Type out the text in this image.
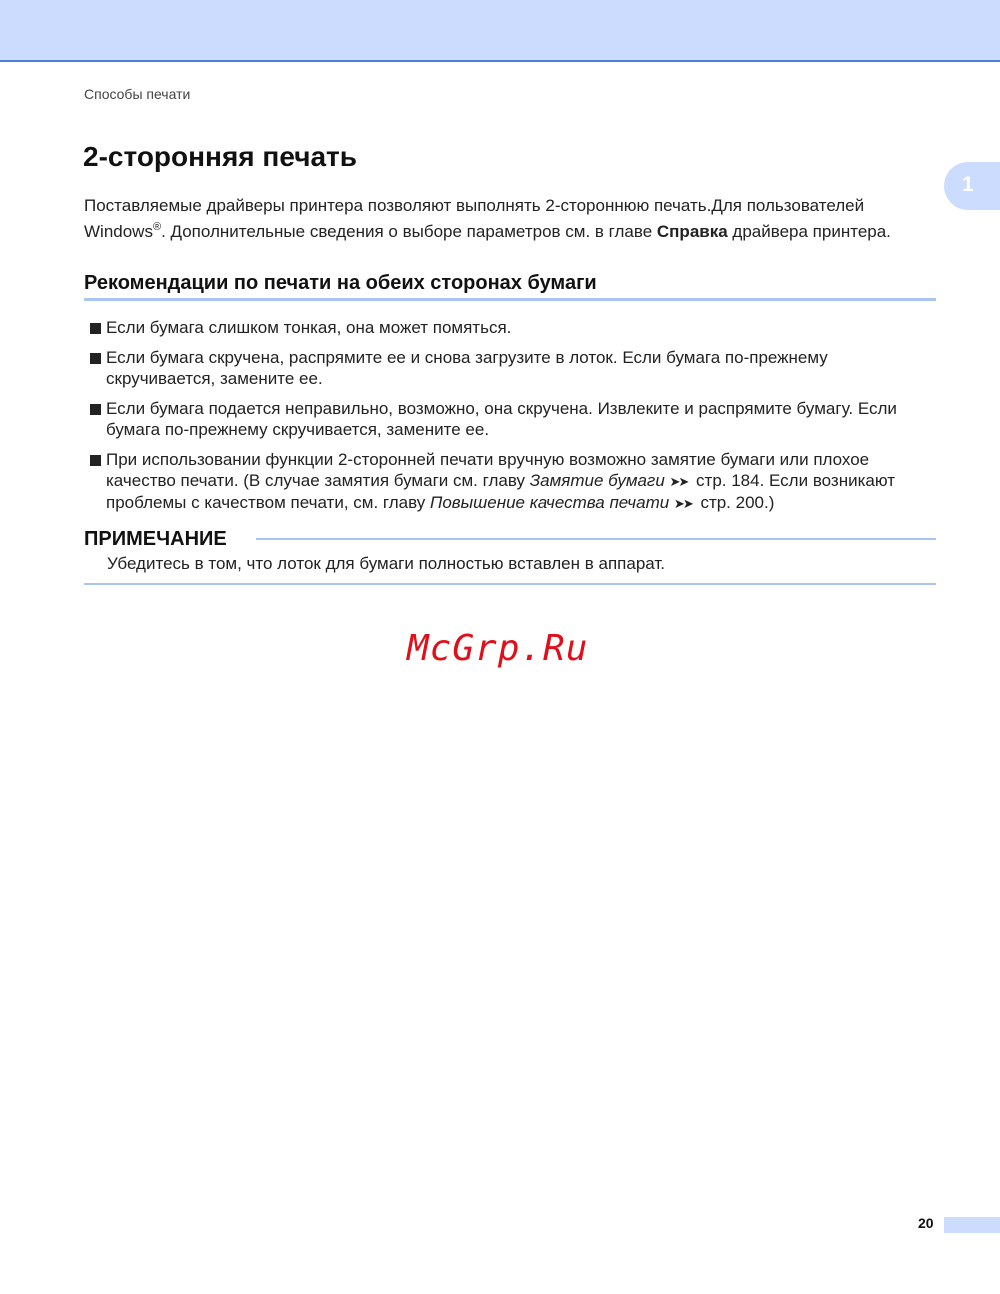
Способы печати
1
2-сторонняя печать

Поставляемые драйверы принтера позволяют выполнять 2-стороннюю печать.Для пользователей Windows®. Дополнительные сведения о выборе параметров см. в главе Справка драйвера принтера.

Рекомендации по печати на обеих сторонах бумаги
Если бумага слишком тонкая, она может помяться.
Если бумага скручена, распрямите ее и снова загрузите в лоток. Если бумага по-прежнему скручивается, замените ее.
Если бумага подается неправильно, возможно, она скручена. Извлеките и распрямите бумагу. Если бумага по-прежнему скручивается, замените ее.
При использовании функции 2-сторонней печати вручную возможно замятие бумаги или плохое качество печати. (В случае замятия бумаги см. главу Замятие бумаги ➤➤ стр. 184. Если возникают проблемы с качеством печати, см. главу Повышение качества печати ➤➤ стр. 200.)
ПРИМЕЧАНИЕ
Убедитесь в том, что лоток для бумаги полностью вставлен в аппарат.
McGrp.Ru
20
